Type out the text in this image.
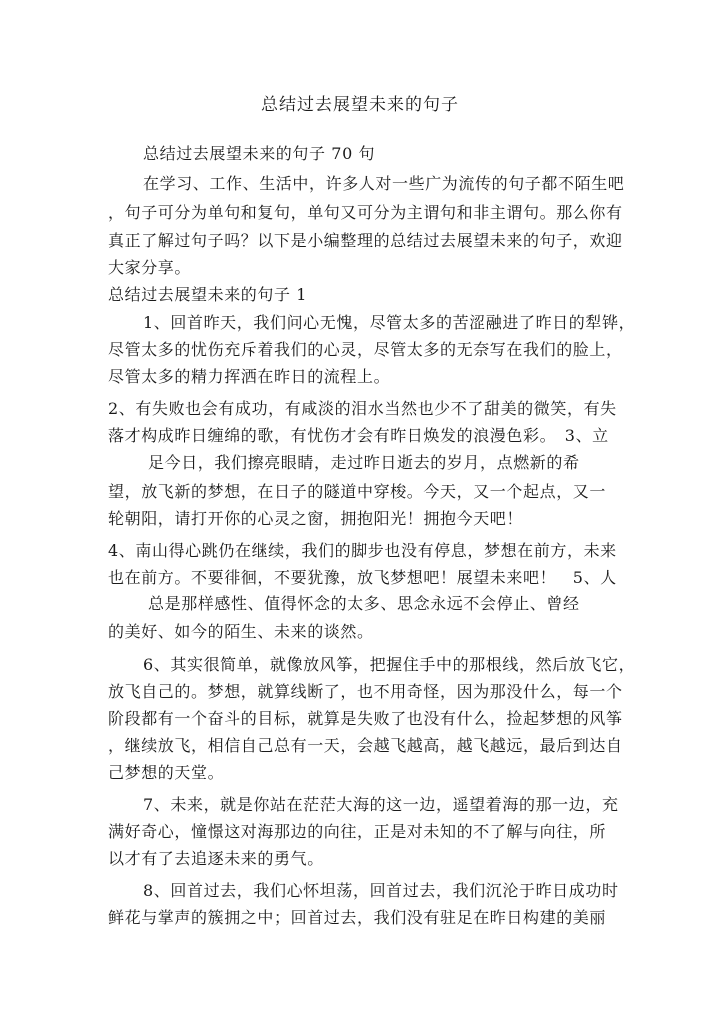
总结过去展望未来的句子
总结过去展望未来的句子 70 句
在学习、工作、生活中，许多人对一些广为流传的句子都不陌生吧
，句子可分为单句和复句，单句又可分为主谓句和非主谓句。那么你有
真正了解过句子吗？以下是小编整理的总结过去展望未来的句子，欢迎
大家分享。
总结过去展望未来的句子 1
1、回首昨天，我们问心无愧，尽管太多的苦涩融进了昨日的犁铧，
尽管太多的忧伤充斥着我们的心灵，尽管太多的无奈写在我们的脸上，
尽管太多的精力挥洒在昨日的流程上。
2、有失败也会有成功，有咸淡的泪水当然也少不了甜美的微笑，有失
落才构成昨日缠绵的歌，有忧伤才会有昨日焕发的浪漫色彩。　3、立
足今日，我们擦亮眼睛，走过昨日逝去的岁月，点燃新的希
望，放飞新的梦想，在日子的隧道中穿梭。今天，又一个起点，又一
轮朝阳，请打开你的心灵之窗，拥抱阳光！拥抱今天吧！
4、南山得心跳仍在继续，我们的脚步也没有停息，梦想在前方，未来
也在前方。不要徘徊，不要犹豫，放飞梦想吧！展望未来吧！　5、人
总是那样感性、值得怀念的太多、思念永远不会停止、曾经
的美好、如今的陌生、未来的谈然。
6、其实很简单，就像放风筝，把握住手中的那根线，然后放飞它，
放飞自己的。梦想，就算线断了，也不用奇怪，因为那没什么，每一个
阶段都有一个奋斗的目标，就算是失败了也没有什么，捡起梦想的风筝
，继续放飞，相信自己总有一天，会越飞越高，越飞越远，最后到达自
己梦想的天堂。
7、未来，就是你站在茫茫大海的这一边，遥望着海的那一边，充
满好奇心，憧憬这对海那边的向往，正是对未知的不了解与向往，所
以才有了去追逐未来的勇气。
8、回首过去，我们心怀坦荡，回首过去，我们沉沦于昨日成功时
鲜花与掌声的簇拥之中；回首过去，我们没有驻足在昨日构建的美丽
